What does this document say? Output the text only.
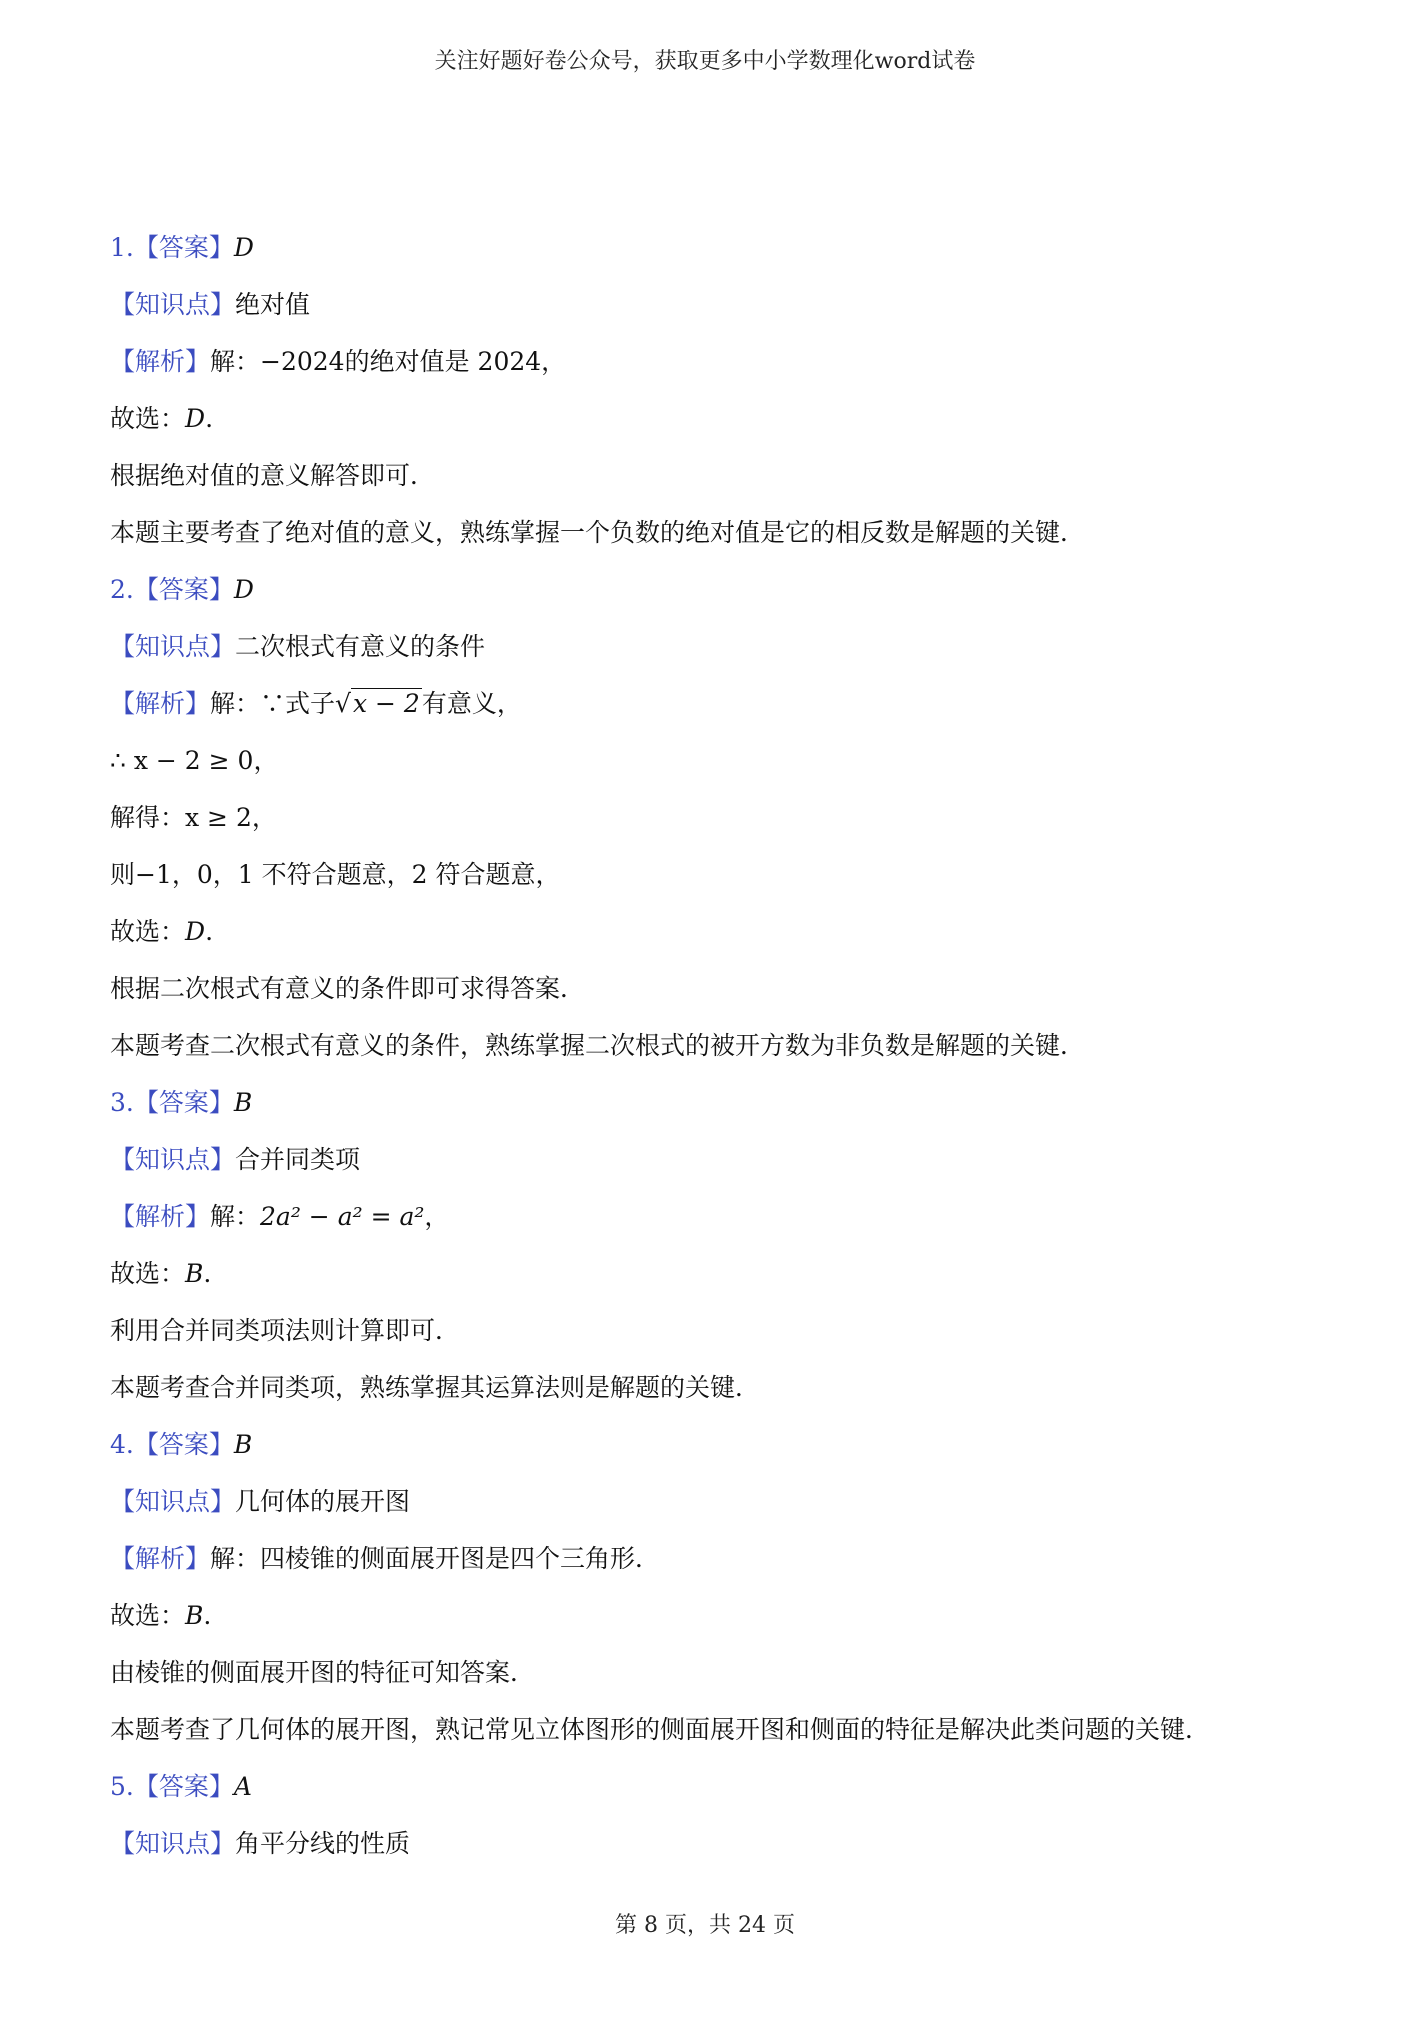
关注好题好卷公众号，获取更多中小学数理化word试卷
1.【答案】D
【知识点】绝对值
【解析】解：−2024的绝对值是 2024，
故选：D.
根据绝对值的意义解答即可．
本题主要考查了绝对值的意义，熟练掌握一个负数的绝对值是它的相反数是解题的关键．
2.【答案】D
【知识点】二次根式有意义的条件
【解析】解：∵式子√x − 2有意义，
∴ x − 2 ≥ 0，
解得：x ≥ 2，
则−1，0，1 不符合题意，2 符合题意，
故选：D.
根据二次根式有意义的条件即可求得答案．
本题考查二次根式有意义的条件，熟练掌握二次根式的被开方数为非负数是解题的关键．
3.【答案】B
【知识点】合并同类项
【解析】解：2a² − a² = a²，
故选：B.
利用合并同类项法则计算即可．
本题考查合并同类项，熟练掌握其运算法则是解题的关键．
4.【答案】B
【知识点】几何体的展开图
【解析】解：四棱锥的侧面展开图是四个三角形．
故选：B.
由棱锥的侧面展开图的特征可知答案．
本题考查了几何体的展开图，熟记常见立体图形的侧面展开图和侧面的特征是解决此类问题的关键．
5.【答案】A
【知识点】角平分线的性质
第 8 页，共 24 页
